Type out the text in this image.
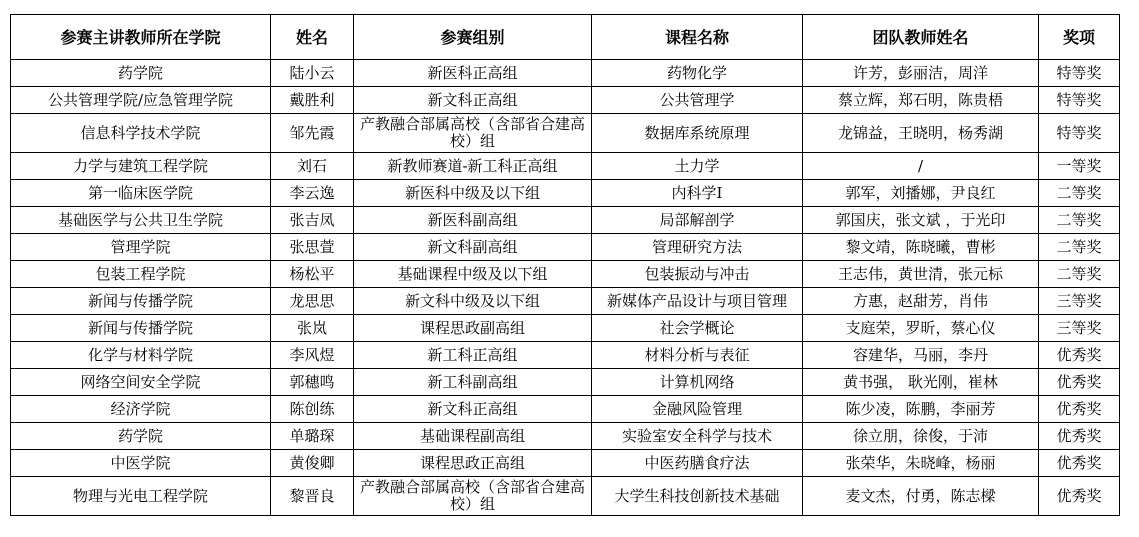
参赛主讲教师所在学院	姓名	参赛组别	课程名称	团队教师姓名	奖项
药学院	陆小云	新医科正高组	药物化学	许芳，彭丽洁，周洋	特等奖
公共管理学院/应急管理学院	戴胜利	新文科正高组	公共管理学	蔡立辉，郑石明，陈贵梧	特等奖
信息科学技术学院	邹先霞	产教融合部属高校（含部省合建高校）组	数据库系统原理	龙锦益，王晓明，杨秀湖	特等奖
力学与建筑工程学院	刘石	新教师赛道-新工科正高组	土力学	/	一等奖
第一临床医学院	李云逸	新医科中级及以下组	内科学I	郭军，刘播娜，尹良红	二等奖
基础医学与公共卫生学院	张吉凤	新医科副高组	局部解剖学	郭国庆，张文斌 ，于光印	二等奖
管理学院	张思萱	新文科副高组	管理研究方法	黎文靖，陈晓曦，曹彬	二等奖
包装工程学院	杨松平	基础课程中级及以下组	包装振动与冲击	王志伟，黄世清，张元标	二等奖
新闻与传播学院	龙思思	新文科中级及以下组	新媒体产品设计与项目管理	方惠，赵甜芳，肖伟	三等奖
新闻与传播学院	张岚	课程思政副高组	社会学概论	支庭荣，罗昕，蔡心仪	三等奖
化学与材料学院	李风煜	新工科正高组	材料分析与表征	容建华，马丽，李丹	优秀奖
网络空间安全学院	郭穗鸣	新工科副高组	计算机网络	黄书强， 耿光刚，崔林	优秀奖
经济学院	陈创练	新文科正高组	金融风险管理	陈少凌，陈鹏，李丽芳	优秀奖
药学院	单璐琛	基础课程副高组	实验室安全科学与技术	徐立朋，徐俊，于沛	优秀奖
中医学院	黄俊卿	课程思政正高组	中医药膳食疗法	张荣华，朱晓峰，杨丽	优秀奖
物理与光电工程学院	黎晋良	产教融合部属高校（含部省合建高校）组	大学生科技创新技术基础	麦文杰，付勇，陈志樑	优秀奖
